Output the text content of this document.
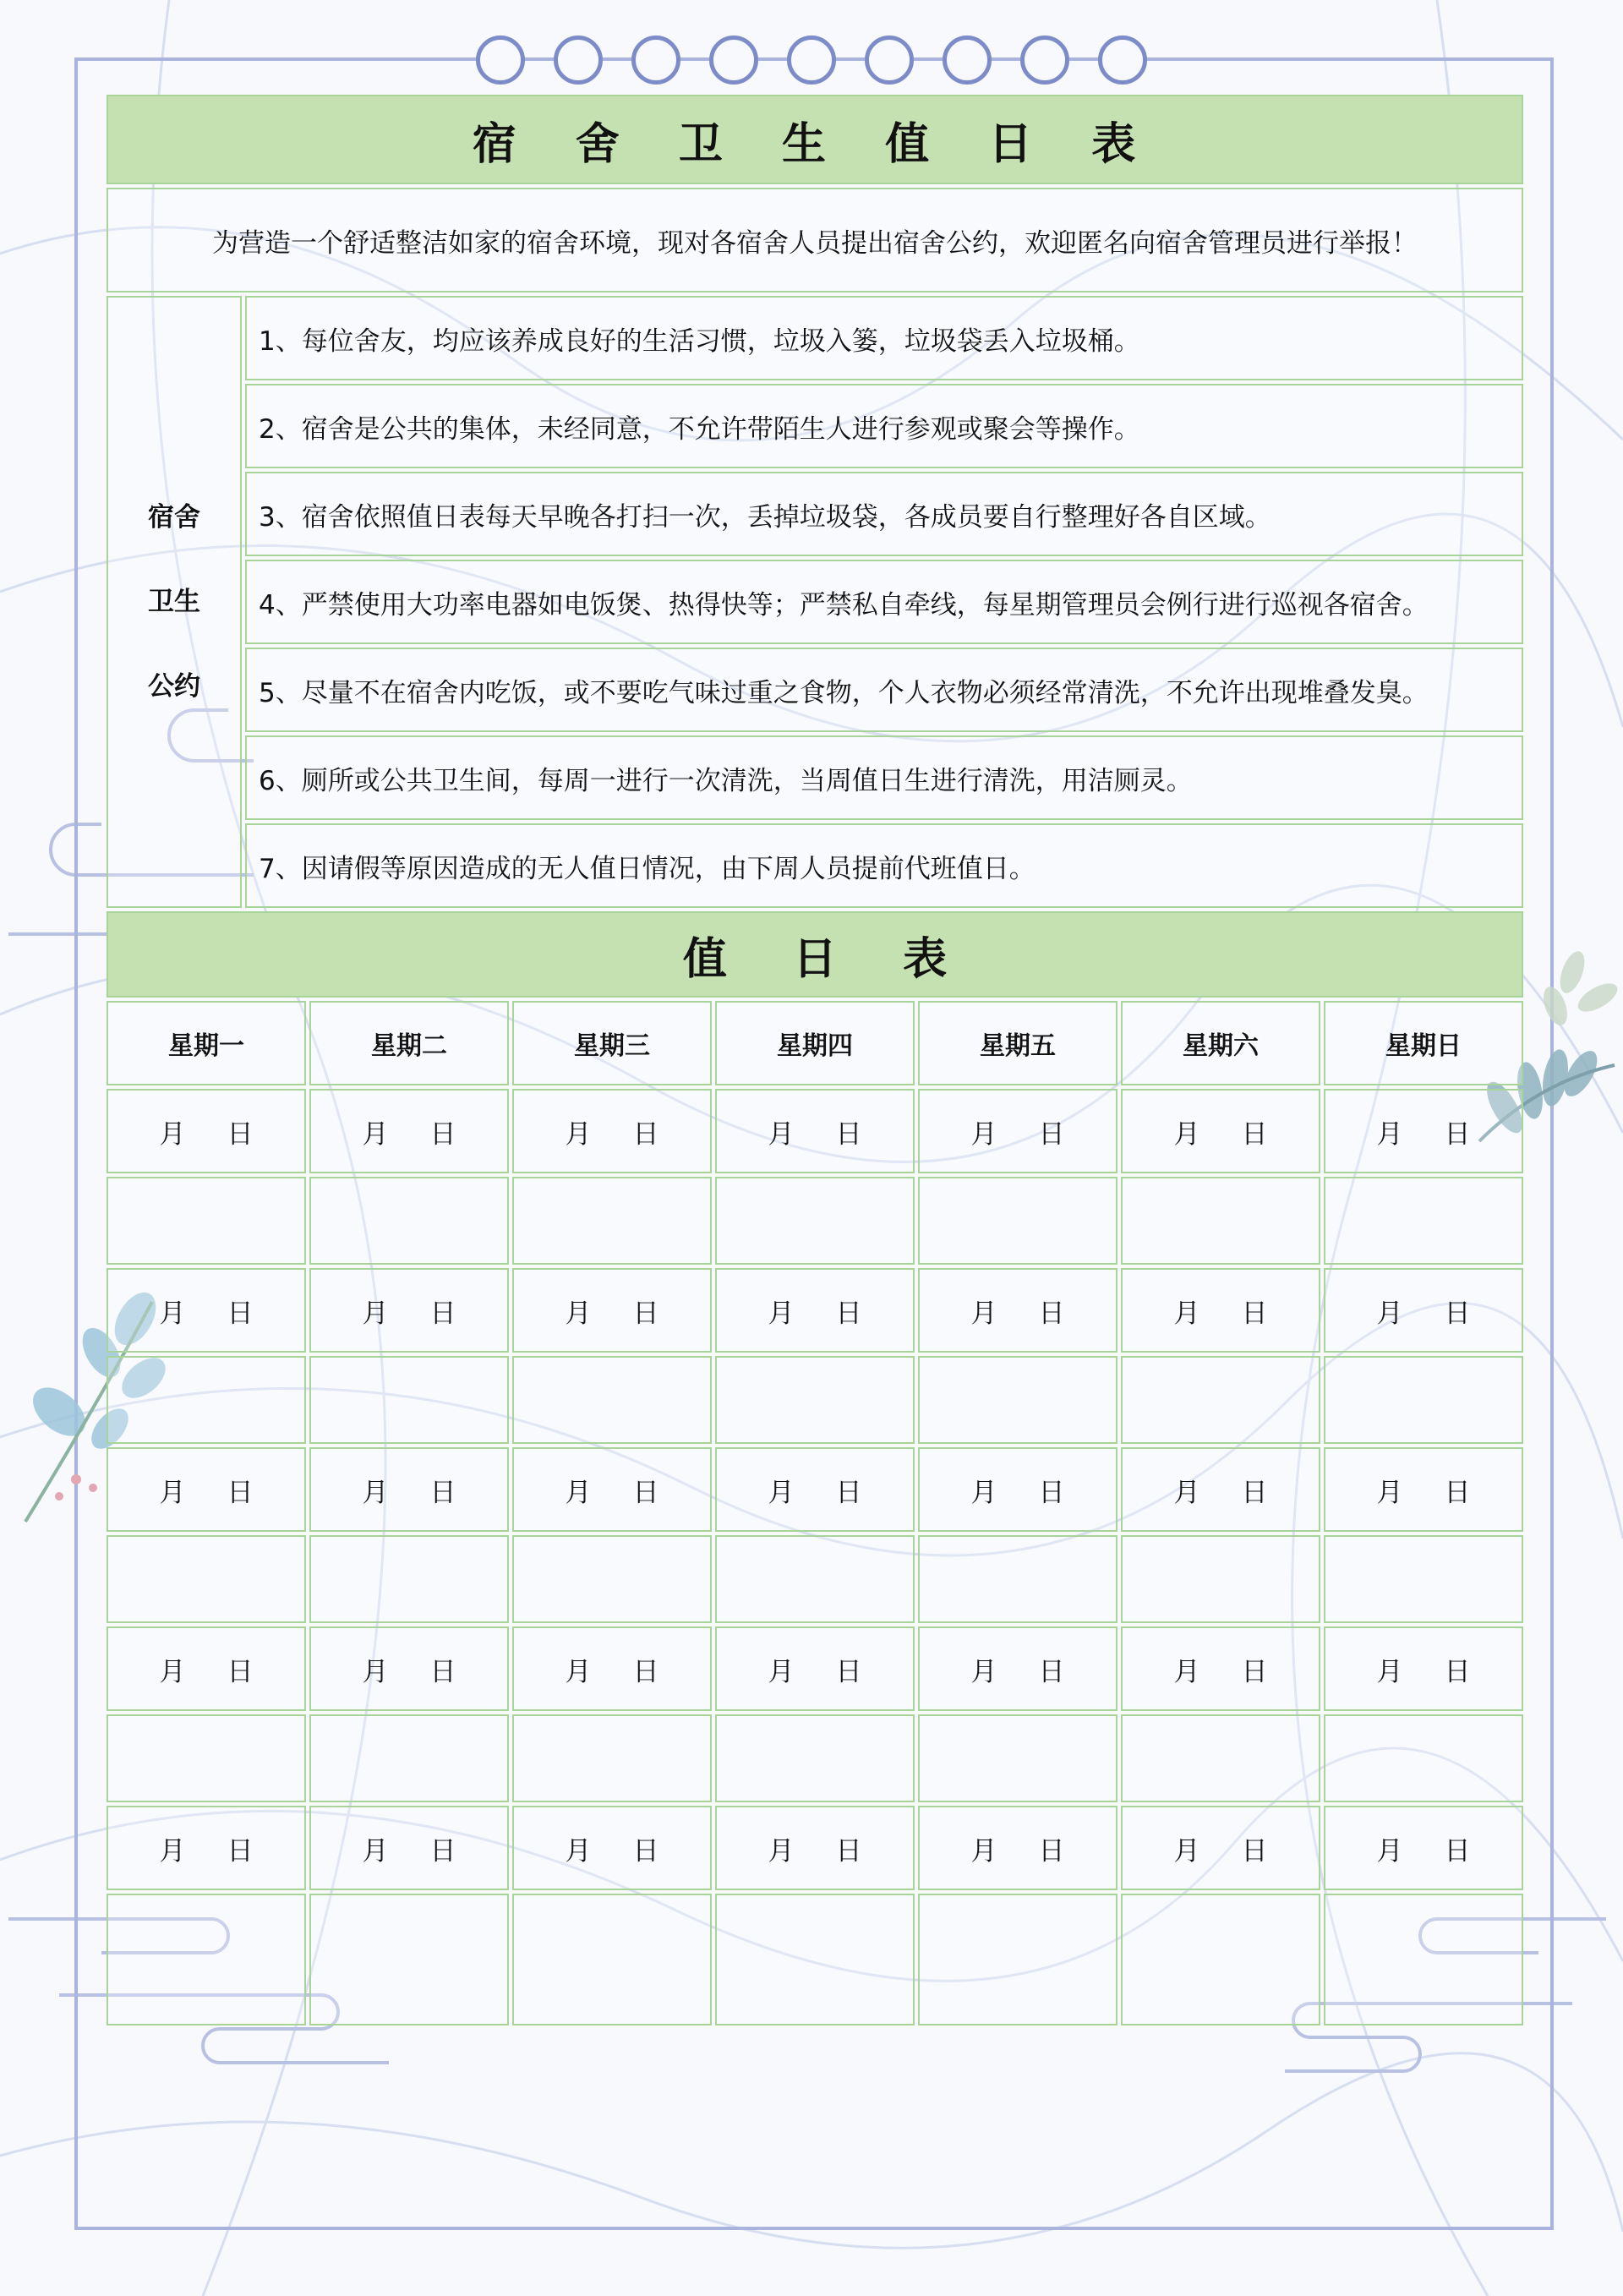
宿 舍 卫 生 值 日 表
为营造一个舒适整洁如家的宿舍环境，现对各宿舍人员提出宿舍公约，欢迎匿名向宿舍管理员进行举报！

宿舍
卫生
公约
	1、每位舍友，均应该养成良好的生活习惯，垃圾入篓，垃圾袋丢入垃圾桶。
2、宿舍是公共的集体，未经同意，不允许带陌生人进行参观或聚会等操作。
3、宿舍依照值日表每天早晚各打扫一次，丢掉垃圾袋，各成员要自行整理好各自区域。
4、严禁使用大功率电器如电饭煲、热得快等；严禁私自牵线，每星期管理员会例行进行巡视各宿舍。
5、尽量不在宿舍内吃饭，或不要吃气味过重之食物，个人衣物必须经常清洗，不允许出现堆叠发臭。
6、厕所或公共卫生间，每周一进行一次清洗，当周值日生进行清洗，用洁厕灵。
7、因请假等原因造成的无人值日情况，由下周人员提前代班值日。
值 日 表						
星期一	星期二	星期三	星期四	星期五	星期六	星期日
月 日	月 日	月 日	月 日	月 日	月 日	月 日

月 日	月 日	月 日	月 日	月 日	月 日	月 日

月 日	月 日	月 日	月 日	月 日	月 日	月 日

月 日	月 日	月 日	月 日	月 日	月 日	月 日

月 日	月 日	月 日	月 日	月 日	月 日	月 日
